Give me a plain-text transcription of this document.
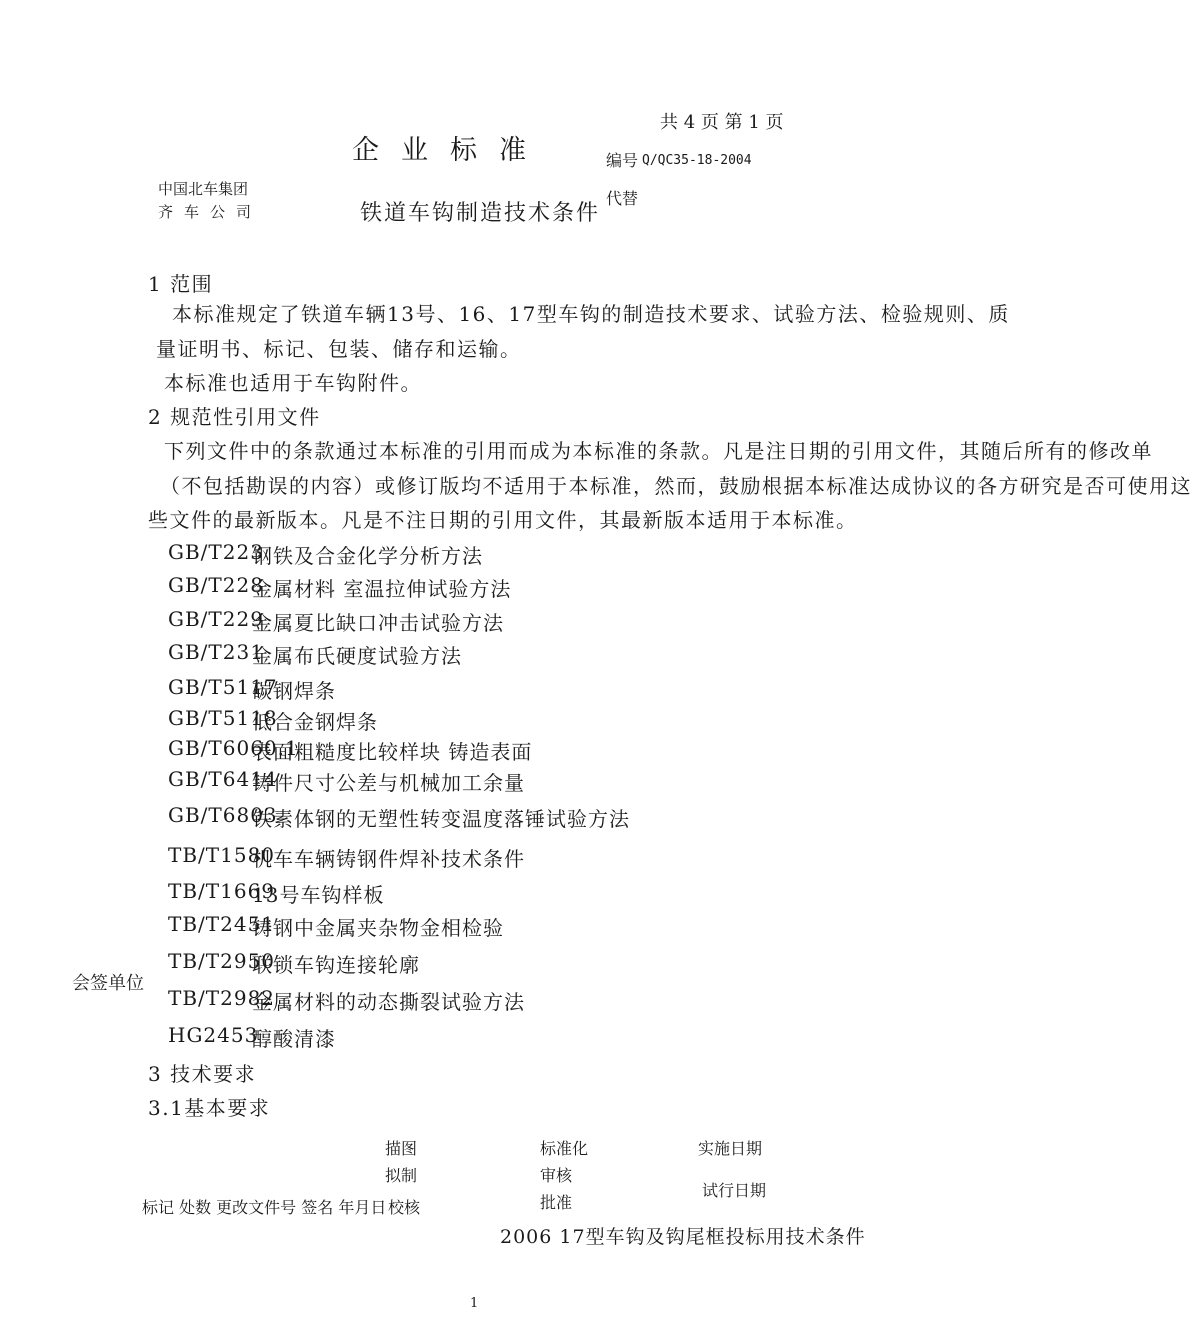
共 4 页 第 1 页
企业标准	编号 Q/QC35-18-2004
代替
中国北车集团
齐车公司	铁道车钩制造技术条件
1 范围
本标准规定了铁道车辆13号、16、17型车钩的制造技术要求、试验方法、检验规则、质
量证明书、标记、包装、储存和运输。
本标准也适用于车钩附件。
2 规范性引用文件
下列文件中的条款通过本标准的引用而成为本标准的条款。凡是注日期的引用文件，其随后所有的修改单
（不包括勘误的内容）或修订版均不适用于本标准，然而，鼓励根据本标准达成协议的各方研究是否可使用这
些文件的最新版本。凡是不注日期的引用文件，其最新版本适用于本标准。
GB/T223
钢铁及合金化学分析方法
GB/T228
金属材料 室温拉伸试验方法
GB/T229
金属夏比缺口冲击试验方法
GB/T231
金属布氏硬度试验方法
GB/T5117
碳钢焊条
GB/T5118
低合金钢焊条
GB/T6060.1
表面粗糙度比较样块 铸造表面
GB/T6414
铸件尺寸公差与机械加工余量
GB/T6803
铁素体钢的无塑性转变温度落锤试验方法
TB/T1580
机车车辆铸钢件焊补技术条件
TB/T1669
13号车钩样板
TB/T2451
铸钢中金属夹杂物金相检验
TB/T2950
联锁车钩连接轮廓
TB/T2982
金属材料的动态撕裂试验方法
HG2453
醇酸清漆
3 技术要求
3.1基本要求
会签单位
描图
拟制
校核
标准化
审核
批准
实施日期
试行日期
标记 处数 更改文件号 签名 年月日
2006 17型车钩及钩尾框投标用技术条件
1
